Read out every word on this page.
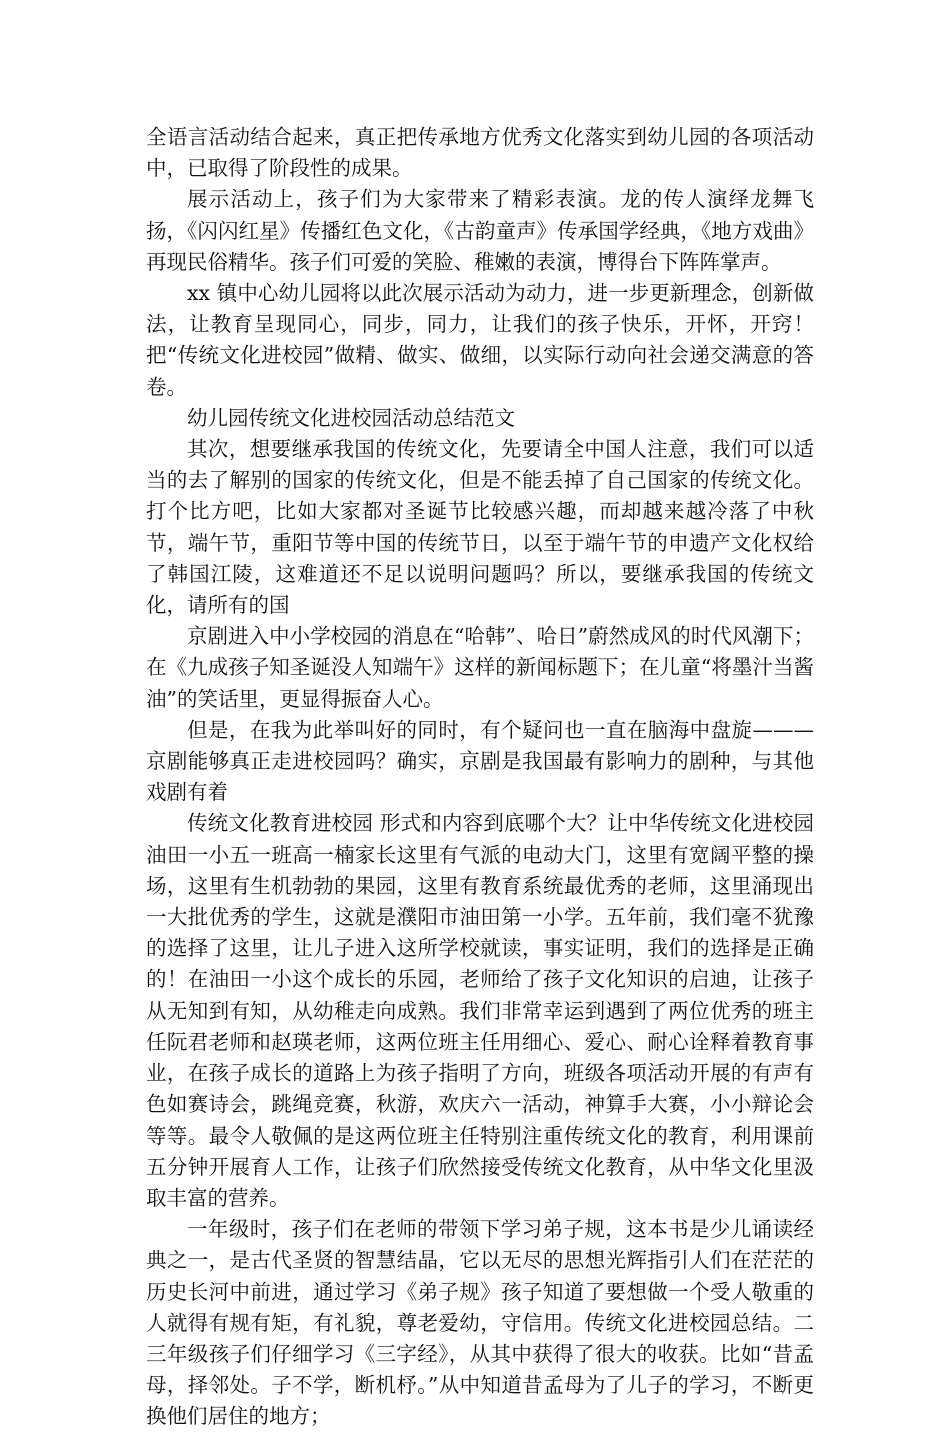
全语言活动结合起来，真正把传承地方优秀文化落实到幼儿园的各项活动中，已取得了阶段性的成果。

展示活动上，孩子们为大家带来了精彩表演。龙的传人演绎龙舞飞扬，《闪闪红星》传播红色文化，《古韵童声》传承国学经典，《地方戏曲》再现民俗精华。孩子们可爱的笑脸、稚嫩的表演，博得台下阵阵掌声。

xx 镇中心幼儿园将以此次展示活动为动力，进一步更新理念，创新做法，让教育呈现同心，同步，同力，让我们的孩子快乐，开怀，开窍！把“传统文化进校园”做精、做实、做细，以实际行动向社会递交满意的答卷。

幼儿园传统文化进校园活动总结范文

其次，想要继承我国的传统文化，先要请全中国人注意，我们可以适当的去了解别的国家的传统文化，但是不能丢掉了自己国家的传统文化。打个比方吧，比如大家都对圣诞节比较感兴趣，而却越来越冷落了中秋节，端午节，重阳节等中国的传统节日，以至于端午节的申遗产文化权给了韩国江陵，这难道还不足以说明问题吗？所以，要继承我国的传统文化，请所有的国

京剧进入中小学校园的消息在“哈韩”、哈日”蔚然成风的时代风潮下；在《九成孩子知圣诞没人知端午》这样的新闻标题下；在儿童“将墨汁当酱油”的笑话里，更显得振奋人心。

但是，在我为此举叫好的同时，有个疑问也一直在脑海中盘旋———京剧能够真正走进校园吗？确实，京剧是我国最有影响力的剧种，与其他戏剧有着

传统文化教育进校园 形式和内容到底哪个大？让中华传统文化进校园油田一小五一班高一楠家长这里有气派的电动大门，这里有宽阔平整的操场，这里有生机勃勃的果园，这里有教育系统最优秀的老师，这里涌现出一大批优秀的学生，这就是濮阳市油田第一小学。五年前，我们毫不犹豫的选择了这里，让儿子进入这所学校就读，事实证明，我们的选择是正确的！在油田一小这个成长的乐园，老师给了孩子文化知识的启迪，让孩子从无知到有知，从幼稚走向成熟。我们非常幸运到遇到了两位优秀的班主任阮君老师和赵瑛老师，这两位班主任用细心、爱心、耐心诠释着教育事业，在孩子成长的道路上为孩子指明了方向，班级各项活动开展的有声有色如赛诗会，跳绳竞赛，秋游，欢庆六一活动，神算手大赛，小小辩论会等等。最令人敬佩的是这两位班主任特别注重传统文化的教育，利用课前五分钟开展育人工作，让孩子们欣然接受传统文化教育，从中华文化里汲取丰富的营养。

一年级时，孩子们在老师的带领下学习弟子规，这本书是少儿诵读经典之一，是古代圣贤的智慧结晶，它以无尽的思想光辉指引人们在茫茫的历史长河中前进，通过学习《弟子规》孩子知道了要想做一个受人敬重的人就得有规有矩，有礼貌，尊老爱幼，守信用。传统文化进校园总结。二三年级孩子们仔细学习《三字经》，从其中获得了很大的收获。比如“昔孟母，择邻处。子不学，断机杼。”从中知道昔孟母为了儿子的学习，不断更换他们居住的地方；
